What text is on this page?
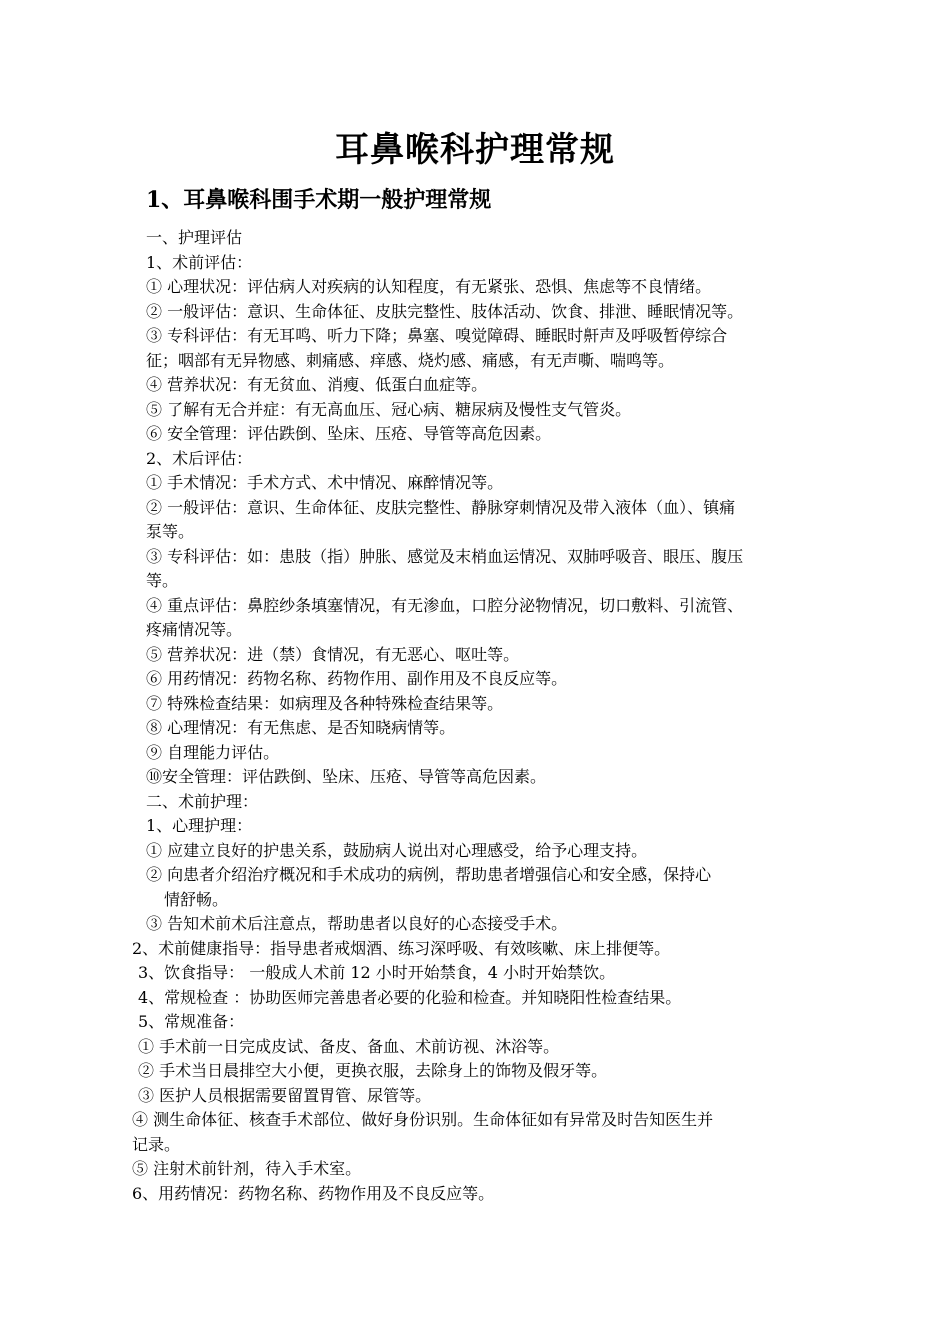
耳鼻喉科护理常规
1、耳鼻喉科围手术期一般护理常规
一、护理评估
1、术前评估：
① 心理状况：评估病人对疾病的认知程度，有无紧张、恐惧、焦虑等不良情绪。
② 一般评估：意识、生命体征、皮肤完整性、肢体活动、饮食、排泄、睡眠情况等。
③ 专科评估：有无耳鸣、听力下降；鼻塞、嗅觉障碍、睡眠时鼾声及呼吸暂停综合
征；咽部有无异物感、刺痛感、痒感、烧灼感、痛感，有无声嘶、喘鸣等。
④ 营养状况：有无贫血、消瘦、低蛋白血症等。
⑤ 了解有无合并症：有无高血压、冠心病、糖尿病及慢性支气管炎。
⑥ 安全管理：评估跌倒、坠床、压疮、导管等高危因素。
2、术后评估：
① 手术情况：手术方式、术中情况、麻醉情况等。
② 一般评估：意识、生命体征、皮肤完整性、静脉穿刺情况及带入液体（血）、镇痛
泵等。
③ 专科评估：如：患肢（指）肿胀、感觉及末梢血运情况、双肺呼吸音、眼压、腹压
等。
④ 重点评估：鼻腔纱条填塞情况，有无渗血，口腔分泌物情况，切口敷料、引流管、
疼痛情况等。
⑤ 营养状况：进（禁）食情况，有无恶心、呕吐等。
⑥ 用药情况：药物名称、药物作用、副作用及不良反应等。
⑦ 特殊检查结果：如病理及各种特殊检查结果等。
⑧ 心理情况：有无焦虑、是否知晓病情等。
⑨ 自理能力评估。
⑩安全管理：评估跌倒、坠床、压疮、导管等高危因素。
二、术前护理：
1、心理护理：
① 应建立良好的护患关系，鼓励病人说出对心理感受，给予心理支持。
② 向患者介绍治疗概况和手术成功的病例，帮助患者增强信心和安全感，保持心
情舒畅。
③ 告知术前术后注意点，帮助患者以良好的心态接受手术。
2、术前健康指导：指导患者戒烟酒、练习深呼吸、有效咳嗽、床上排便等。
3、饮食指导： 一般成人术前 12 小时开始禁食，4 小时开始禁饮。
4、常规检查 ：协助医师完善患者必要的化验和检查。并知晓阳性检查结果。
5、常规准备：
① 手术前一日完成皮试、备皮、备血、术前访视、沐浴等。
② 手术当日晨排空大小便，更换衣服，去除身上的饰物及假牙等。
③ 医护人员根据需要留置胃管、尿管等。
④ 测生命体征、核查手术部位、做好身份识别。生命体征如有异常及时告知医生并
记录。
⑤ 注射术前针剂，待入手术室。
6、用药情况：药物名称、药物作用及不良反应等。
